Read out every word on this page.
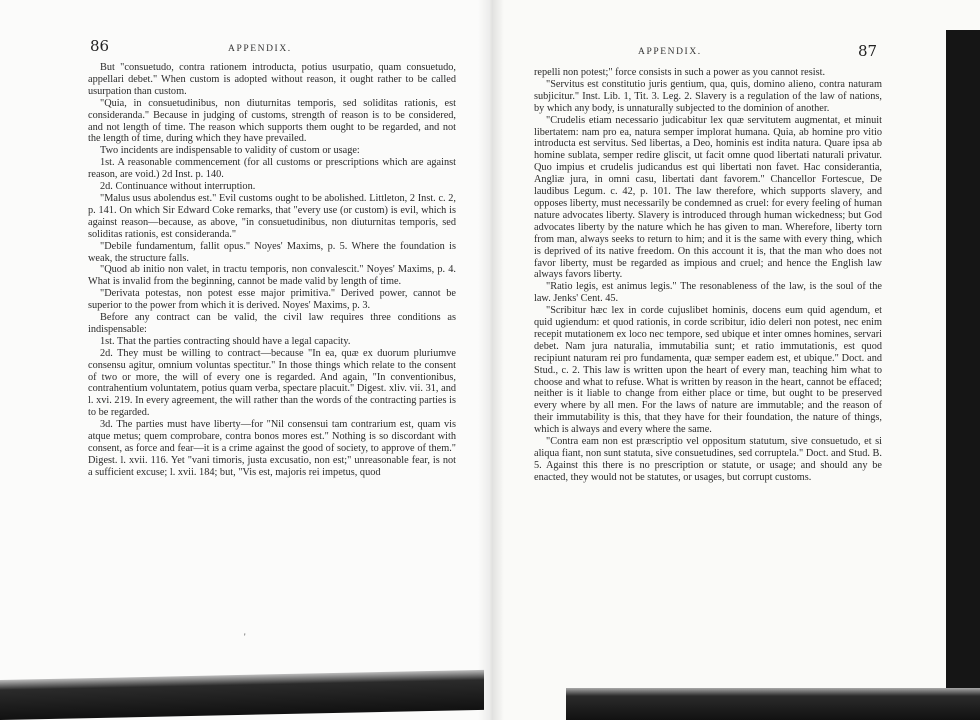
86	APPENDIX.

But "consuetudo, contra rationem introducta, potius usurpatio, quam consuetudo, appellari debet." When custom is adopted without reason, it ought rather to be called usurpation than custom.

"Quia, in consuetudinibus, non diuturnitas temporis, sed soliditas rationis, est consideranda." Because in judging of customs, strength of reason is to be considered, and not length of time. The reason which supports them ought to be regarded, and not the length of time, during which they have prevailed.

Two incidents are indispensable to validity of custom or usage:

1st. A reasonable commencement (for all customs or prescriptions which are against reason, are void.) 2d Inst. p. 140.

2d. Continuance without interruption.

"Malus usus abolendus est." Evil customs ought to be abolished. Littleton, 2 Inst. c. 2, p. 141. On which Sir Edward Coke remarks, that "every use (or custom) is evil, which is against reason—because, as above, "in consuetudinibus, non diuturnitas temporis, sed soliditas rationis, est consideranda."

"Debile fundamentum, fallit opus." Noyes' Maxims, p. 5. Where the foundation is weak, the structure falls.

"Quod ab initio non valet, in tractu temporis, non convalescit." Noyes' Maxims, p. 4. What is invalid from the beginning, cannot be made valid by length of time.

"Derivata potestas, non potest esse major primitiva." Derived power, cannot be superior to the power from which it is derived. Noyes' Maxims, p. 3.

Before any contract can be valid, the civil law requires three conditions as indispensable:

1st. That the parties contracting should have a legal capacity.

2d. They must be willing to contract—because "In ea, quæ ex duorum pluriumve consensu agitur, omnium voluntas spectitur." In those things which relate to the consent of two or more, the will of every one is regarded. And again, "In conventionibus, contrahentium voluntatem, potius quam verba, spectare placuit." Digest. xliv. vii. 31, and l. xvi. 219. In every agreement, the will rather than the words of the contracting parties is to be regarded.

3d. The parties must have liberty—for "Nil consensui tam contrarium est, quam vis atque metus; quem comprobare, contra bonos mores est." Nothing is so discordant with consent, as force and fear—it is a crime against the good of society, to approve of them." Digest. l. xvii. 116. Yet "vani timoris, justa excusatio, non est;" unreasonable fear, is not a sufficient excuse; l. xvii. 184; but, "Vis est, majoris rei impetus, quod

'
APPENDIX.	87

repelli non potest;" force consists in such a power as you cannot resist.

"Servitus est constitutio juris gentium, qua, quis, domino alieno, contra naturam subjicitur." Inst. Lib. 1, Tit. 3. Leg. 2. Slavery is a regulation of the law of nations, by which any body, is unnaturally subjected to the dominion of another.

"Crudelis etiam necessario judicabitur lex quæ servitutem augmentat, et minuit libertatem: nam pro ea, natura semper implorat humana. Quia, ab homine pro vitio introducta est servitus. Sed libertas, a Deo, hominis est indita natura. Quare ipsa ab homine sublata, semper redire gliscit, ut facit omne quod libertati naturali privatur. Quo impius et crudelis judicandus est qui libertati non favet. Hac considerantia, Angliæ jura, in omni casu, libertati dant favorem." Chancellor Fortescue, De laudibus Legum. c. 42, p. 101. The law therefore, which supports slavery, and opposes liberty, must necessarily be condemned as cruel: for every feeling of human nature advocates liberty. Slavery is introduced through human wickedness; but God advocates liberty by the nature which he has given to man. Wherefore, liberty torn from man, always seeks to return to him; and it is the same with every thing, which is deprived of its native freedom. On this account it is, that the man who does not favor liberty, must be regarded as impious and cruel; and hence the English law always favors liberty.

"Ratio legis, est animus legis." The resonableness of the law, is the soul of the law. Jenks' Cent. 45.

"Scribitur hæc lex in corde cujuslibet hominis, docens eum quid agendum, et quid ugiendum: et quod rationis, in corde scribitur, idio deleri non potest, nec enim recepit mutationem ex loco nec tempore, sed ubique et inter omnes homines, servari debet. Nam jura naturalia, immutabilia sunt; et ratio immutationis, est quod recipiunt naturam rei pro fundamenta, quæ semper eadem est, et ubique." Doct. and Stud., c. 2. This law is written upon the heart of every man, teaching him what to choose and what to refuse. What is written by reason in the heart, cannot be effaced; neither is it liable to change from either place or time, but ought to be preserved every where by all men. For the laws of nature are immutable; and the reason of their immutability is this, that they have for their foundation, the nature of things, which is always and every where the same.

"Contra eam non est præscriptio vel oppositum statutum, sive consuetudo, et si aliqua fiant, non sunt statuta, sive consuetudines, sed corruptela." Doct. and Stud. B. 5. Against this there is no prescription or statute, or usage; and should any be enacted, they would not be statutes, or usages, but corrupt customs.
